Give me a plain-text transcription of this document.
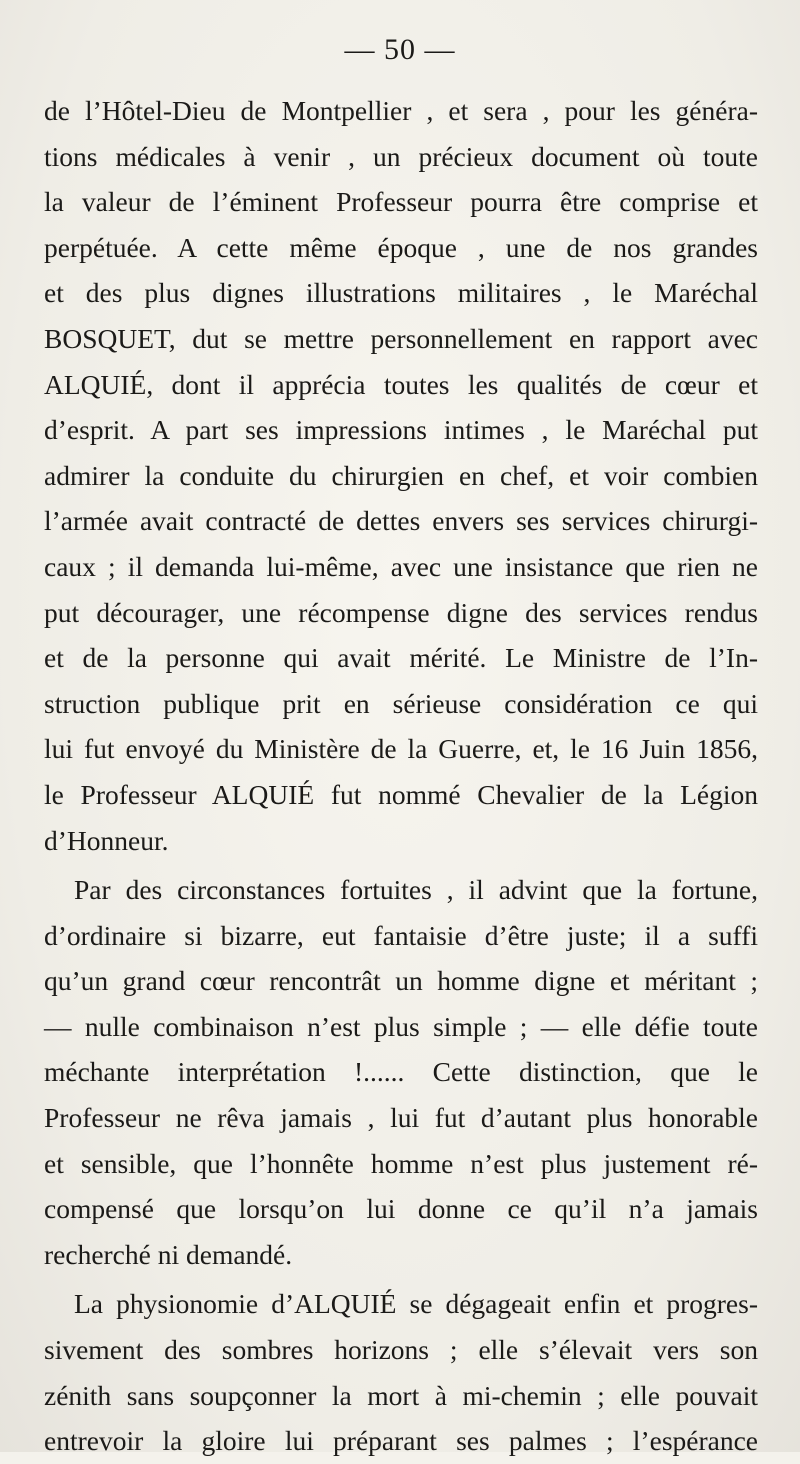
— 50 —
de l’Hôtel-Dieu de Montpellier , et sera , pour les généra-
tions médicales à venir , un précieux document où toute
la valeur de l’éminent Professeur pourra être comprise et
perpétuée. A cette même époque , une de nos grandes
et des plus dignes illustrations militaires , le Maréchal
BOSQUET, dut se mettre personnellement en rapport avec
ALQUIÉ, dont il apprécia toutes les qualités de cœur et
d’esprit. A part ses impressions intimes , le Maréchal put
admirer la conduite du chirurgien en chef, et voir combien
l’armée avait contracté de dettes envers ses services chirurgi-
caux ; il demanda lui-même, avec une insistance que rien ne
put décourager, une récompense digne des services rendus
et de la personne qui avait mérité. Le Ministre de l’In-
struction publique prit en sérieuse considération ce qui
lui fut envoyé du Ministère de la Guerre, et, le 16 Juin 1856,
le Professeur ALQUIÉ fut nommé Chevalier de la Légion
d’Honneur.
Par des circonstances fortuites , il advint que la fortune,
d’ordinaire si bizarre, eut fantaisie d’être juste; il a suffi
qu’un grand cœur rencontrât un homme digne et méritant ;
— nulle combinaison n’est plus simple ; — elle défie toute
méchante interprétation !...... Cette distinction, que le
Professeur ne rêva jamais , lui fut d’autant plus honorable
et sensible, que l’honnête homme n’est plus justement ré-
compensé que lorsqu’on lui donne ce qu’il n’a jamais
recherché ni demandé.
La physionomie d’ALQUIÉ se dégageait enfin et progres-
sivement des sombres horizons ; elle s’élevait vers son
zénith sans soupçonner la mort à mi-chemin ; elle pouvait
entrevoir la gloire lui préparant ses palmes ; l’espérance
